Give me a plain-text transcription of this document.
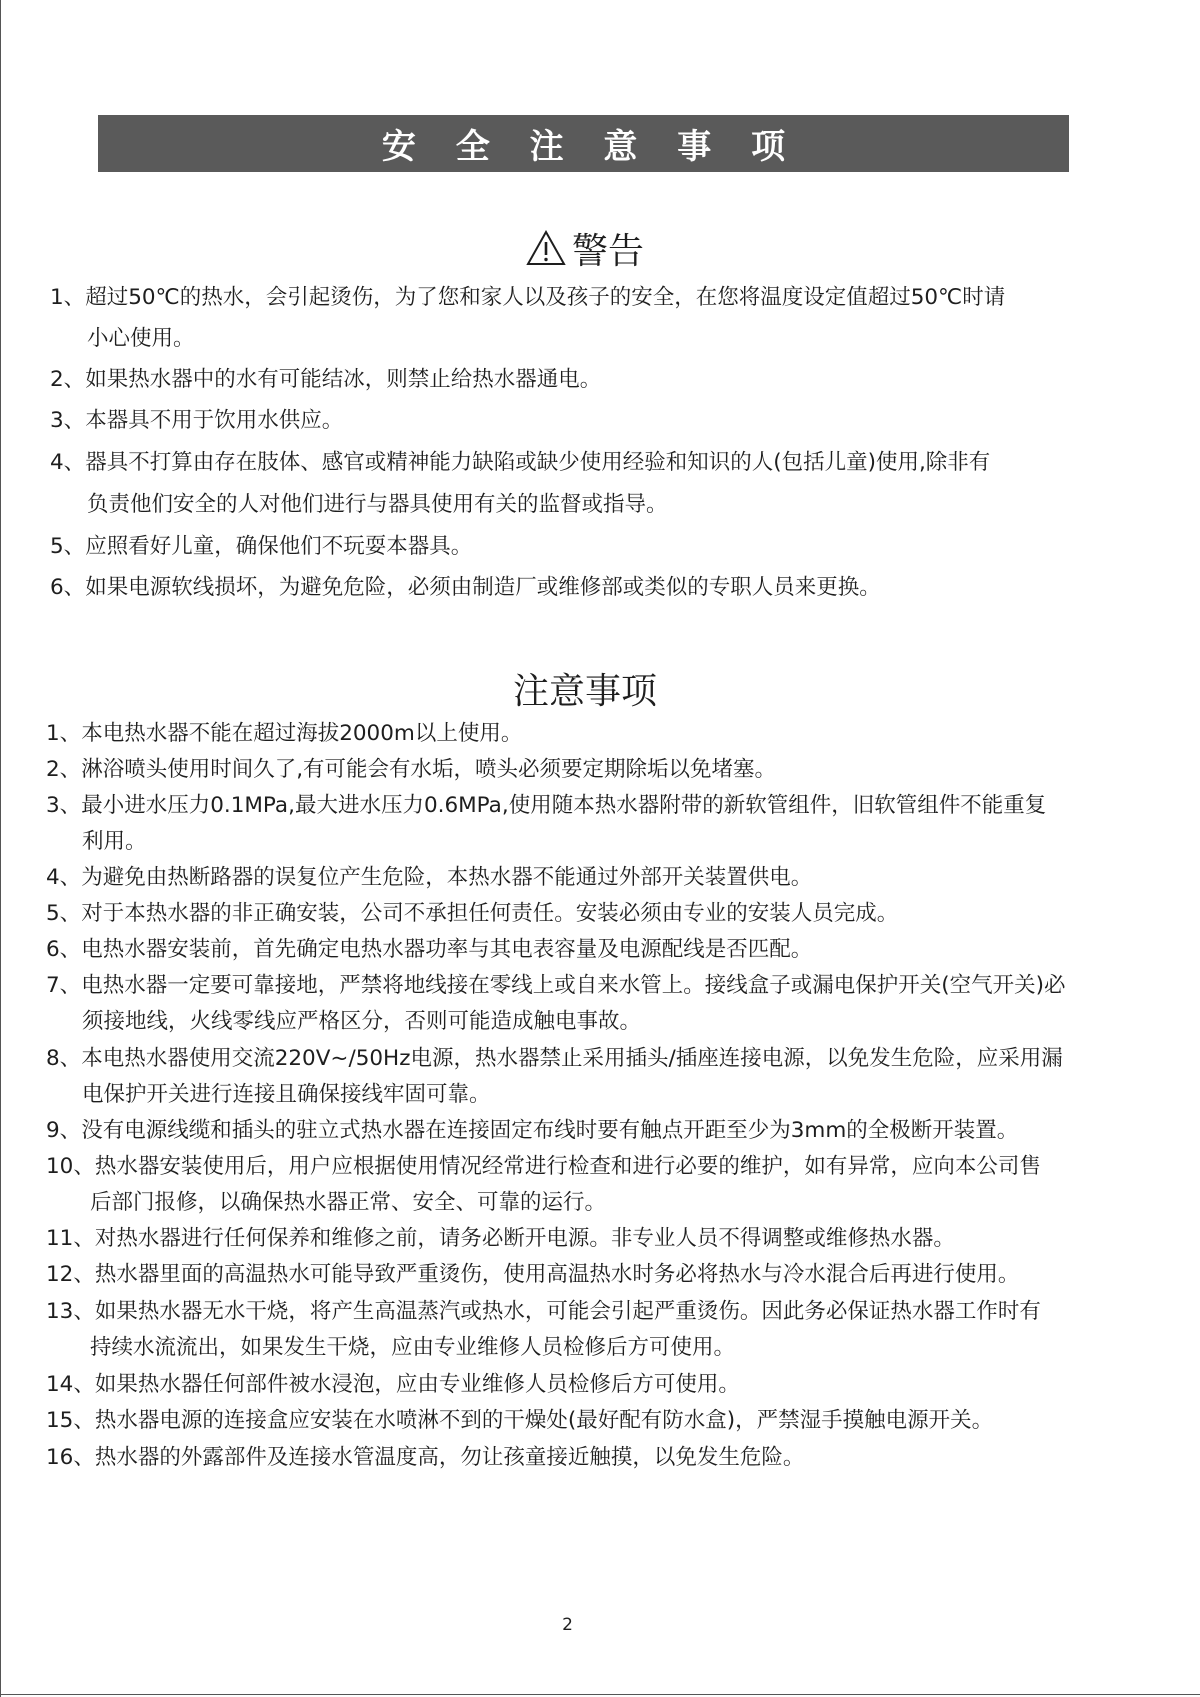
安 全 注 意 事 项
警告
1、超过50℃的热水，会引起烫伤，为了您和家人以及孩子的安全，在您将温度设定值超过50℃时请
小心使用。
2、如果热水器中的水有可能结冰，则禁止给热水器通电。
3、本器具不用于饮用水供应。
4、器具不打算由存在肢体、感官或精神能力缺陷或缺少使用经验和知识的人(包括儿童)使用,除非有
负责他们安全的人对他们进行与器具使用有关的监督或指导。
5、应照看好儿童，确保他们不玩耍本器具。
6、如果电源软线损坏，为避免危险，必须由制造厂或维修部或类似的专职人员来更换。
注意事项
1、本电热水器不能在超过海拔2000m以上使用。
2、淋浴喷头使用时间久了,有可能会有水垢，喷头必须要定期除垢以免堵塞。
3、最小进水压力0.1MPa,最大进水压力0.6MPa,使用随本热水器附带的新软管组件，旧软管组件不能重复
利用。
4、为避免由热断路器的误复位产生危险，本热水器不能通过外部开关装置供电。
5、对于本热水器的非正确安装，公司不承担任何责任。安装必须由专业的安装人员完成。
6、电热水器安装前，首先确定电热水器功率与其电表容量及电源配线是否匹配。
7、电热水器一定要可靠接地，严禁将地线接在零线上或自来水管上。接线盒子或漏电保护开关(空气开关)必
须接地线，火线零线应严格区分，否则可能造成触电事故。
8、本电热水器使用交流220V~/50Hz电源，热水器禁止采用插头/插座连接电源，以免发生危险，应采用漏
电保护开关进行连接且确保接线牢固可靠。
9、没有电源线缆和插头的驻立式热水器在连接固定布线时要有触点开距至少为3mm的全极断开装置。
10、热水器安装使用后，用户应根据使用情况经常进行检查和进行必要的维护，如有异常，应向本公司售
后部门报修，以确保热水器正常、安全、可靠的运行。
11、对热水器进行任何保养和维修之前，请务必断开电源。非专业人员不得调整或维修热水器。
12、热水器里面的高温热水可能导致严重烫伤，使用高温热水时务必将热水与冷水混合后再进行使用。
13、如果热水器无水干烧，将产生高温蒸汽或热水，可能会引起严重烫伤。因此务必保证热水器工作时有
持续水流流出，如果发生干烧，应由专业维修人员检修后方可使用。
14、如果热水器任何部件被水浸泡，应由专业维修人员检修后方可使用。
15、热水器电源的连接盒应安装在水喷淋不到的干燥处(最好配有防水盒)，严禁湿手摸触电源开关。
16、热水器的外露部件及连接水管温度高，勿让孩童接近触摸，以免发生危险。
2
